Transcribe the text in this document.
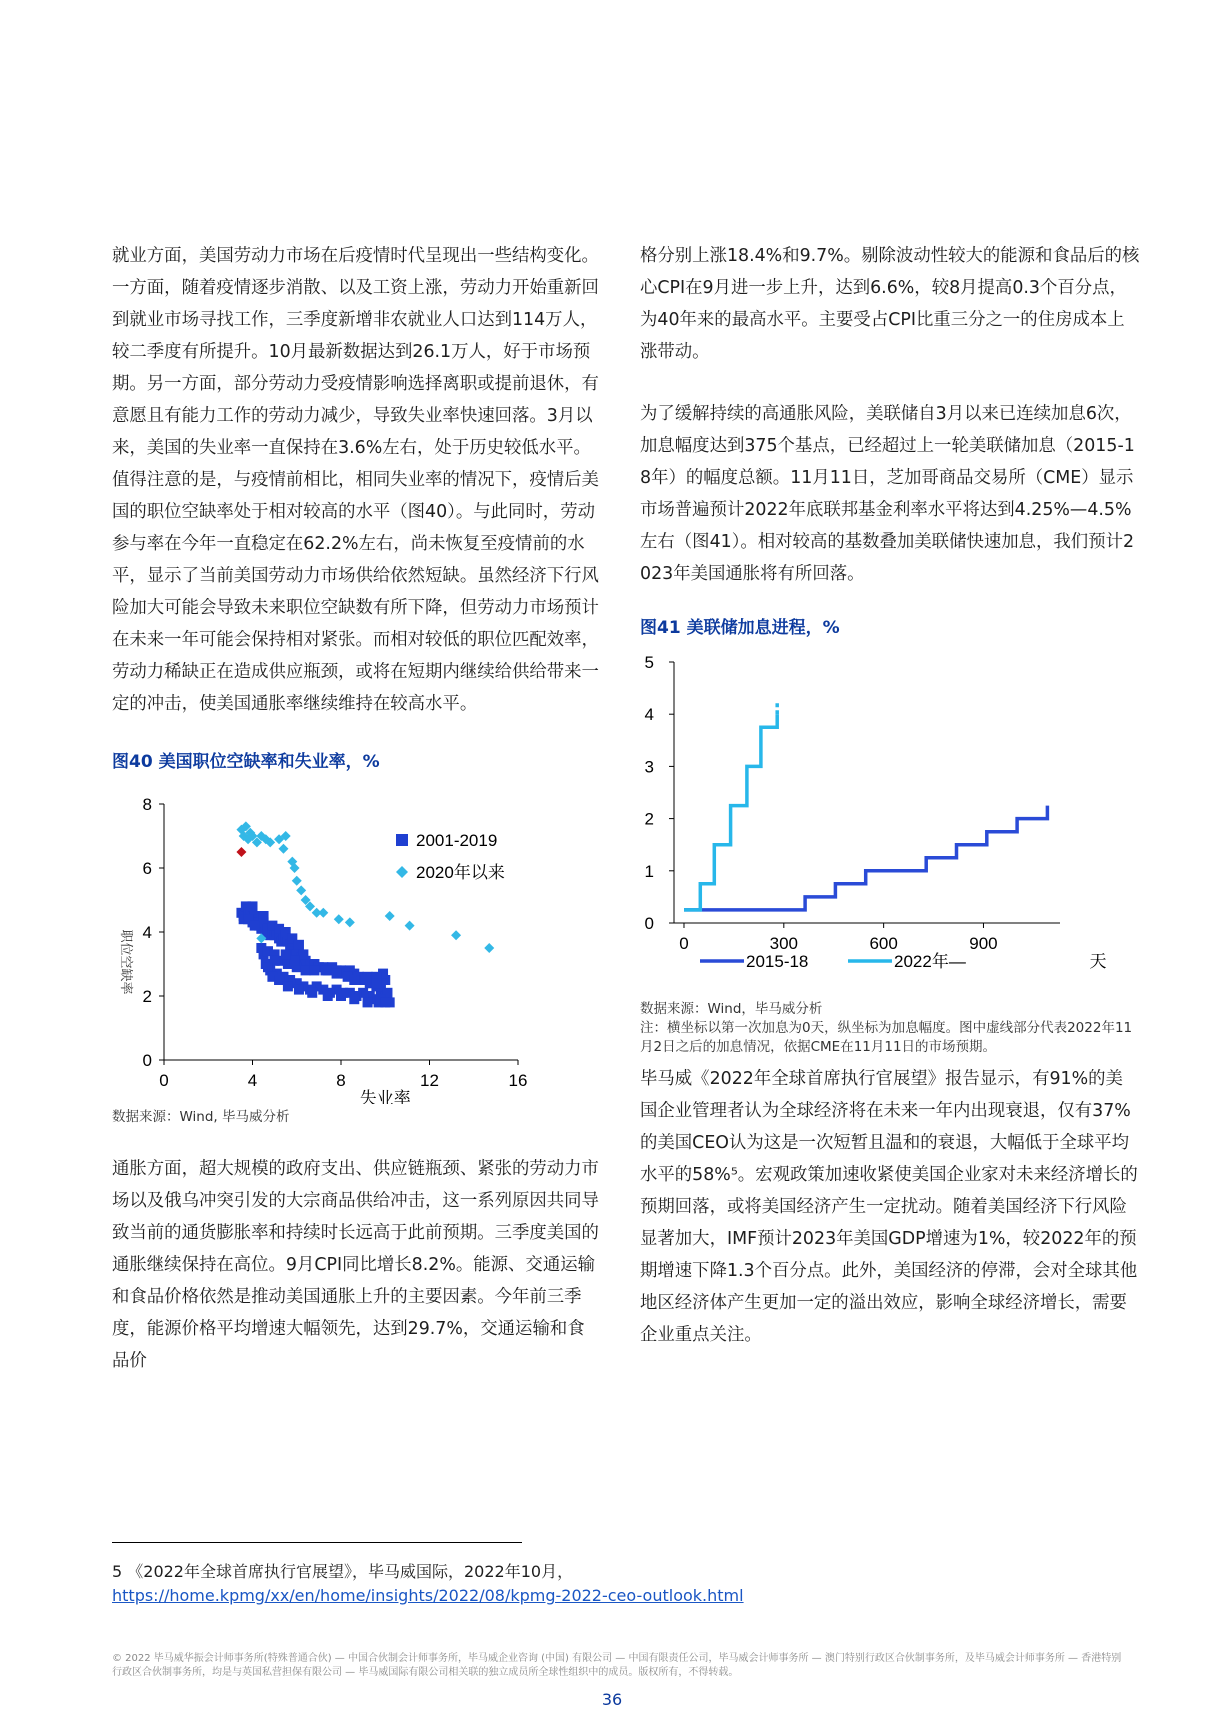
就业方面，美国劳动力市场在后疫情时代呈现出一些结构变化。一方面，随着疫情逐步消散、以及工资上涨，劳动力开始重新回到就业市场寻找工作，三季度新增非农就业人口达到114万人，较二季度有所提升。10月最新数据达到26.1万人，好于市场预期。另一方面，部分劳动力受疫情影响选择离职或提前退休，有意愿且有能力工作的劳动力减少，导致失业率快速回落。3月以来，美国的失业率一直保持在3.6%左右，处于历史较低水平。值得注意的是，与疫情前相比，相同失业率的情况下，疫情后美国的职位空缺率处于相对较高的水平（图40）。与此同时，劳动参与率在今年一直稳定在62.2%左右，尚未恢复至疫情前的水平，显示了当前美国劳动力市场供给依然短缺。虽然经济下行风险加大可能会导致未来职位空缺数有所下降，但劳动力市场预计在未来一年可能会保持相对紧张。而相对较低的职位匹配效率，劳动力稀缺正在造成供应瓶颈，或将在短期内继续给供给带来一定的冲击，使美国通胀率继续维持在较高水平。

图40 美国职位空缺率和失业率，%

0
2
4
6
8
0	4	8	12	16
失业率
职位空缺率
2001-2019
2020年以来

数据来源：Wind, 毕马威分析

通胀方面，超大规模的政府支出、供应链瓶颈、紧张的劳动力市场以及俄乌冲突引发的大宗商品供给冲击，这一系列原因共同导致当前的通货膨胀率和持续时长远高于此前预期。三季度美国的通胀继续保持在高位。9月CPI同比增长8.2%。能源、交通运输和食品价格依然是推动美国通胀上升的主要因素。今年前三季度，能源价格平均增速大幅领先，达到29.7%，交通运输和食品价

格分别上涨18.4%和9.7%。剔除波动性较大的能源和食品后的核心CPI在9月进一步上升，达到6.6%，较8月提高0.3个百分点，为40年来的最高水平。主要受占CPI比重三分之一的住房成本上涨带动。

为了缓解持续的高通胀风险，美联储自3月以来已连续加息6次，加息幅度达到375个基点，已经超过上一轮美联储加息（2015-18年）的幅度总额。11月11日，芝加哥商品交易所（CME）显示市场普遍预计2022年底联邦基金利率水平将达到4.25%—4.5%左右（图41）。相对较高的基数叠加美联储快速加息，我们预计2023年美国通胀将有所回落。

图41 美联储加息进程，%

0
1
2
3
4
5
0	300	600	900
天
2015-18	2022年—

数据来源：Wind，毕马威分析

注：横坐标以第一次加息为0天，纵坐标为加息幅度。图中虚线部分代表2022年11月2日之后的加息情况，依据CME在11月11日的市场预期。

毕马威《2022年全球首席执行官展望》报告显示，有91%的美国企业管理者认为全球经济将在未来一年内出现衰退，仅有37%的美国CEO认为这是一次短暂且温和的衰退，大幅低于全球平均水平的58%⁵。宏观政策加速收紧使美国企业家对未来经济增长的预期回落，或将美国经济产生一定扰动。随着美国经济下行风险显著加大，IMF预计2023年美国GDP增速为1%，较2022年的预期增速下降1.3个百分点。此外，美国经济的停滞，会对全球其他地区经济体产生更加一定的溢出效应，影响全球经济增长，需要企业重点关注。

5 《2022年全球首席执行官展望》，毕马威国际，2022年10月，
https://home.kpmg/xx/en/home/insights/2022/08/kpmg-2022-ceo-outlook.html
© 2022 毕马威华振会计师事务所(特殊普通合伙) — 中国合伙制会计师事务所，毕马威企业咨询 (中国) 有限公司 — 中国有限责任公司，毕马威会计师事务所 — 澳门特别行政区合伙制事务所，及毕马威会计师事务所 — 香港特别行政区合伙制事务所，均是与英国私营担保有限公司 — 毕马威国际有限公司相关联的独立成员所全球性组织中的成员。版权所有，不得转载。
36
